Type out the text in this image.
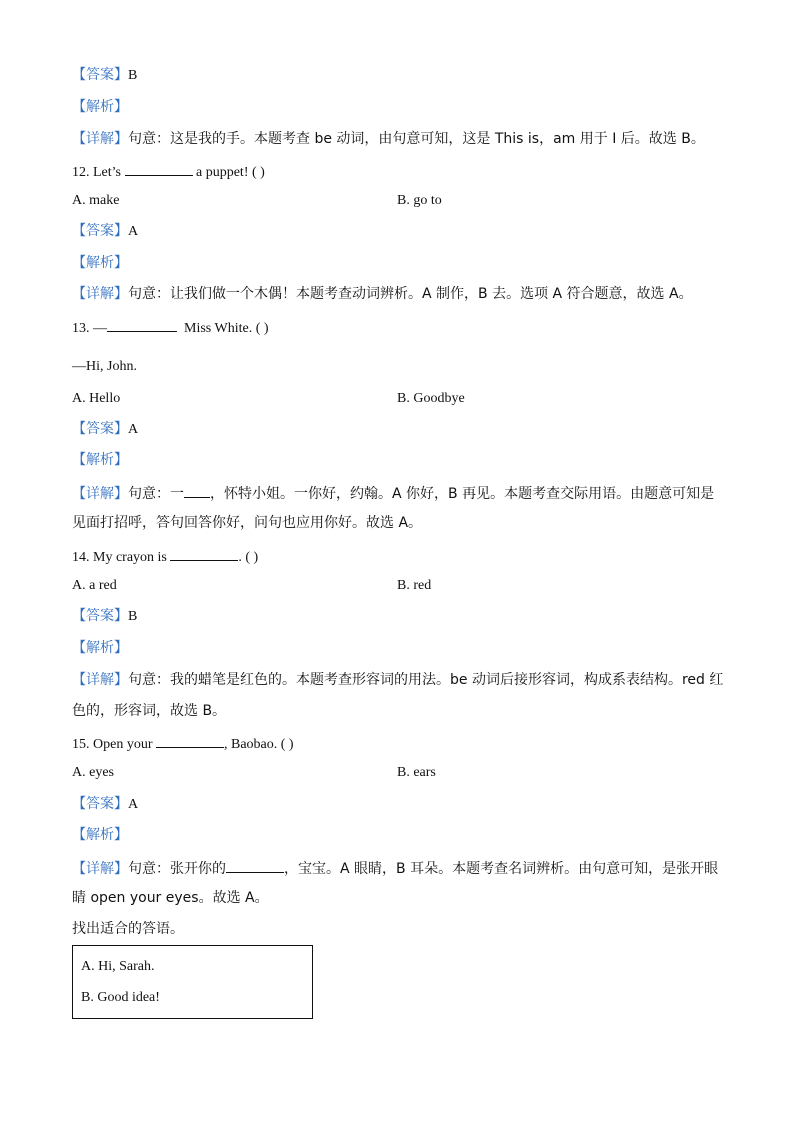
【答案】B
【解析】
【详解】句意：这是我的手。本题考查 be 动词，由句意可知，这是 This is，am 用于 I 后。故选 B。
12. Let’s	a puppet! ( )
A. make	B. go to
【答案】A
【解析】
【详解】句意：让我们做一个木偶！本题考查动词辨析。A 制作，B 去。选项 A 符合题意，故选 A。
13. —	Miss White. ( )
—Hi, John.
A. Hello	B. Goodbye
【答案】A
【解析】
【详解】句意：一 ，怀特小姐。一你好，约翰。A 你好，B 再见。本题考查交际用语。由题意可知是
见面打招呼，答句回答你好，问句也应用你好。故选 A。
14. My crayon is	. ( )
A. a red	B. red
【答案】B
【解析】
【详解】句意：我的蜡笔是红色的。本题考查形容词的用法。be 动词后接形容词，构成系表结构。red 红
色的，形容词，故选 B。
15. Open your	, Baobao. ( )
A. eyes	B. ears
【答案】A
【解析】
【详解】句意：张开你的	，宝宝。A 眼睛，B 耳朵。本题考查名词辨析。由句意可知，是张开眼
睛 open your eyes。故选 A。
找出适合的答语。
A. Hi, Sarah.
B. Good idea!
